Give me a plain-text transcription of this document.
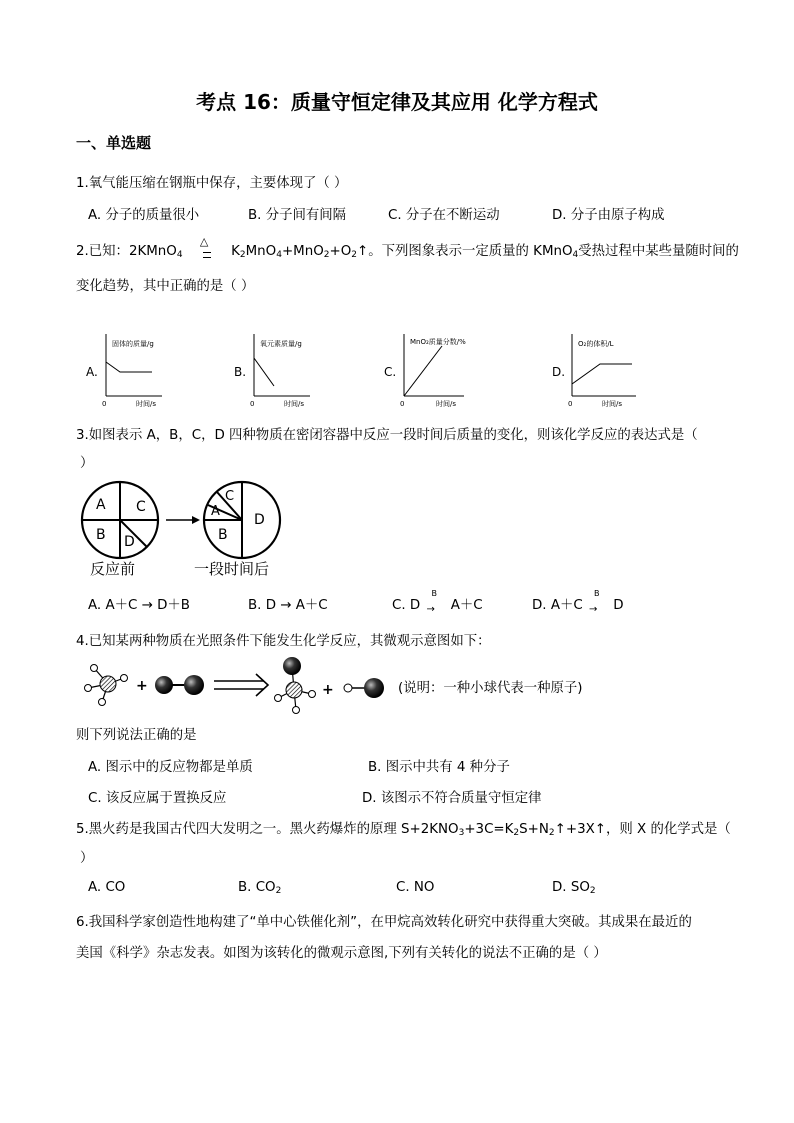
考点 16：质量守恒定律及其应用 化学方程式
一、单选题
1.氧气能压缩在钢瓶中保存，主要体现了（ ）
A. 分子的质量很小	B. 分子间有间隔	C. 分子在不断运动	D. 分子由原子构成
2.已知：2KMnO$_4$
△
$K_2MnO_4+MnO_2+O_2↑$。下列图象表示一定质量的 KMnO$_4$受热过程中某些量随时间的
变化趋势，其中正确的是（ ）
A.
固体的质量/g
0	时间/s
B.
氧元素质量/g
0	时间/s
C.
MnO₂质量分数/%
0	时间/s
D.
O₂的体积/L
0	时间/s
3.如图表示 A，B，C，D 四种物质在密闭容器中反应一段时间后质量的变化，则该化学反应的表达式是（
）
A C
B D
C
A
B
D
反应前	一段时间后
A. A＋C → D＋B	B. D → A＋C	C. D
B
→ A＋C	D. A＋C
B
→ D
4.已知某两种物质在光照条件下能发生化学反应，其微观示意图如下：
+	+	(说明：一种小球代表一种原子)
则下列说法正确的是
A. 图示中的反应物都是单质	B. 图示中共有 4 种分子
C. 该反应属于置换反应	D. 该图示不符合质量守恒定律
5.黑火药是我国古代四大发明之一。黑火药爆炸的原理 $S+2KNO_3+3C=K_2S+N_2↑+3X↑$，则 X 的化学式是（
）
A. CO	B. $CO_2$	C. NO	D. $SO_2$
6.我国科学家创造性地构建了“单中心铁催化剂”，在甲烷高效转化研究中获得重大突破。其成果在最近的
美国《科学》杂志发表。如图为该转化的微观示意图,下列有关转化的说法不正确的是（ ）
